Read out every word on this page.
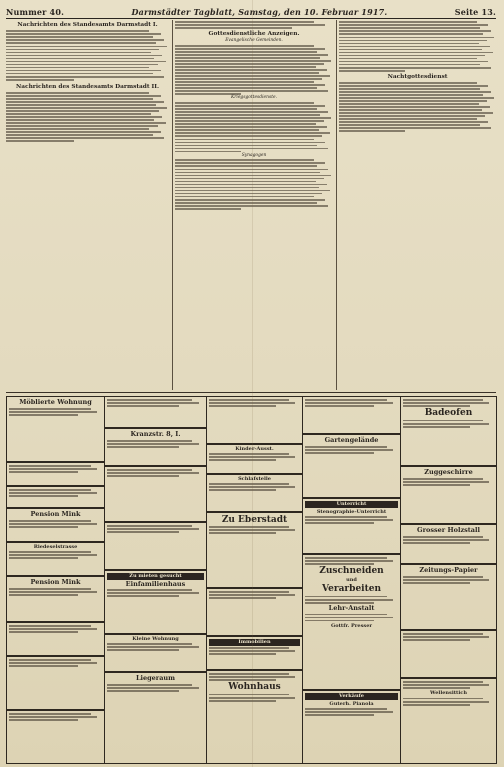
Nummer 40.	Darmstädter Tagblatt, Samstag, den 10. Februar 1917.	Seite 13.
Nachrichten des Standesamts Darmstadt I.
Nachrichten des Standesamts Darmstadt II.
Gottesdienstliche Anzeigen.
Evangelische Gemeinden.
Kriegsgottesdienste.
Synagogen
Nachtgottesdienst
Möblierte Wohnung
Pension Mink
Riedeselstrasse
Pension Mink
Kranzstr. 8, I.
Zu mieten gesucht
Einfamilienhaus
Kleine Wohnung
Liegeraum
Kinder-Ausst.
Schlafstelle
Zu Eberstadt
Immobilien
Wohnhaus
Gartengelände
Unterricht
Stenographie-Unterricht
Zuschneiden
und
Verarbeiten
Lehr-Anstalt
Gottfr. Presser
Verkäufe
Guterh. Pianola
Badeofen
Zuggeschirre
Grosser Holzstall
Zeitungs-Papier
Wellensittich
